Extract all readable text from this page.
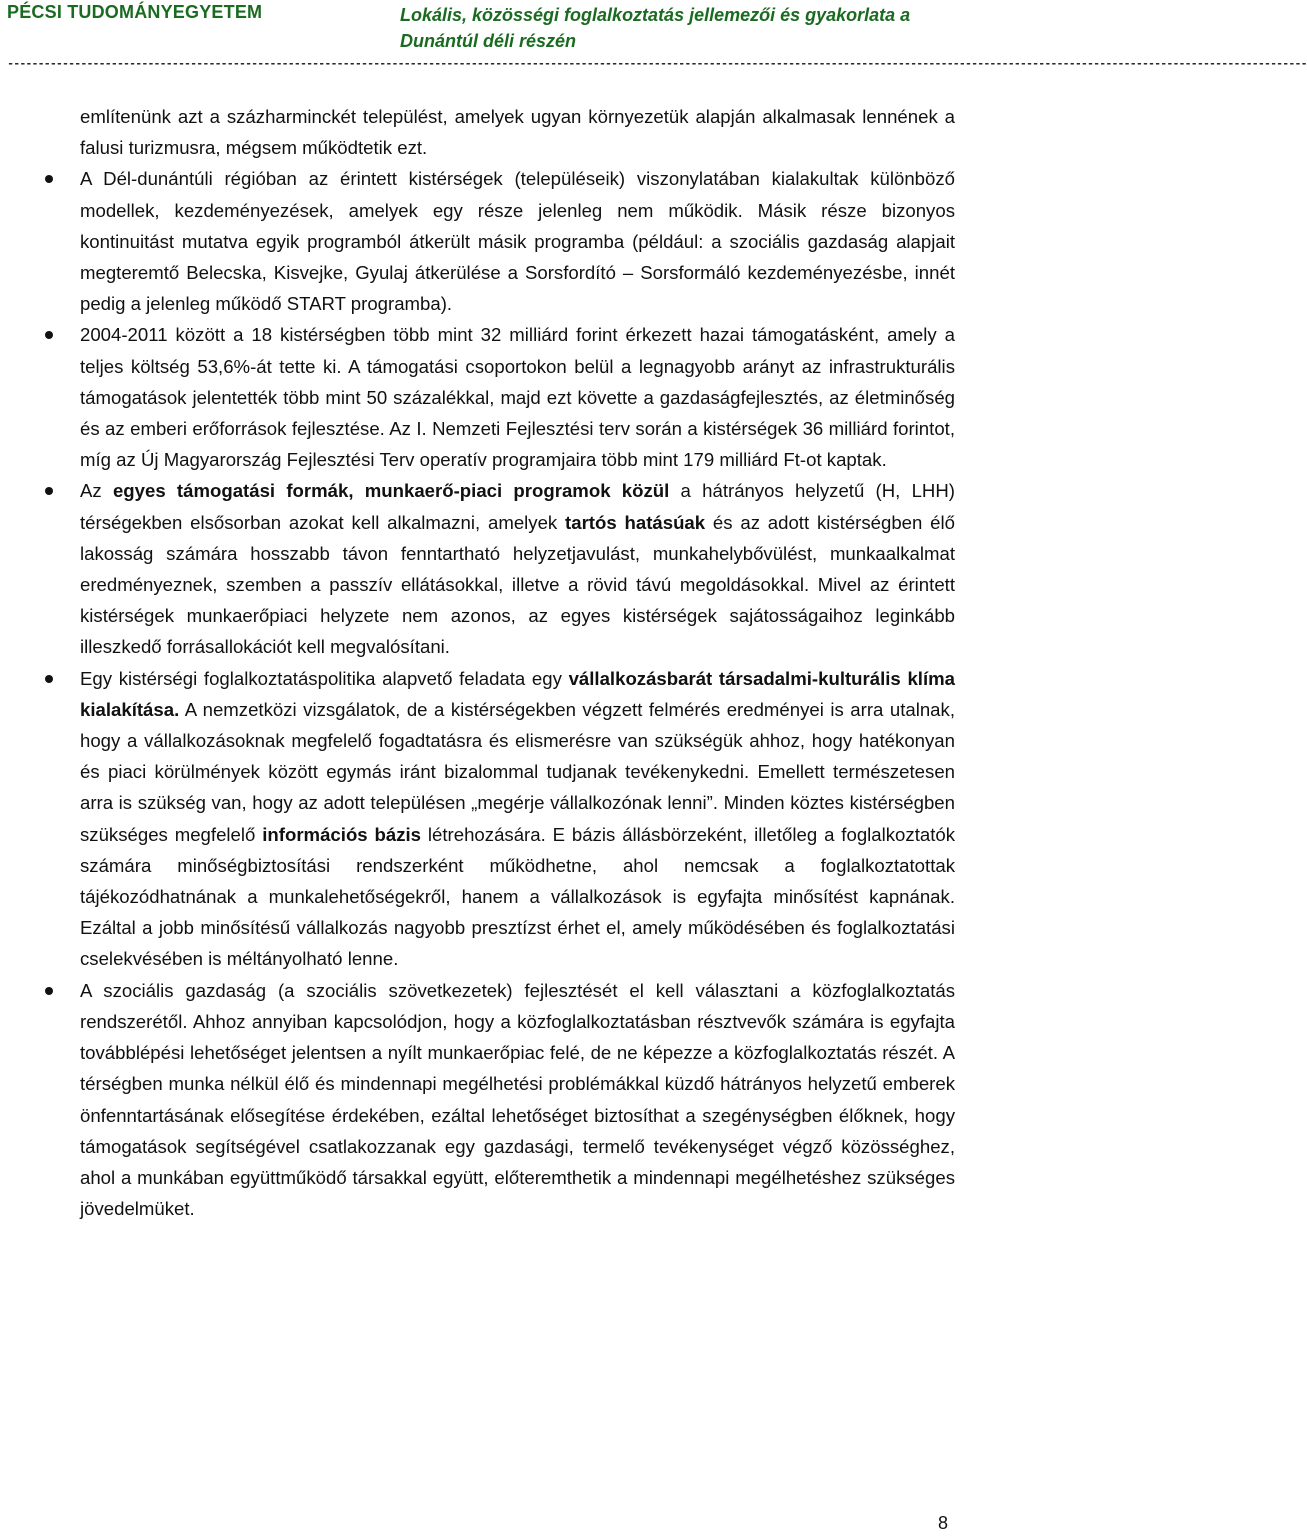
PÉCSI TUDOMÁNYEGYETEM	Lokális, közösségi foglalkoztatás jellemezői és gyakorlata a Dunántúl déli részén
---------------------------------------------------------------------------------------------------------------------------------------------------------------------------------------------------------------------

említenünk azt a százharminckét települést, amelyek ugyan környezetük alapján alkalmasak lennének a falusi turizmusra, mégsem működtetik ezt.

A Dél-dunántúli régióban az érintett kistérségek (településeik) viszonylatában kialakultak különböző modellek, kezdeményezések, amelyek egy része jelenleg nem működik. Másik része bizonyos kontinuitást mutatva egyik programból átkerült másik programba (például: a szociális gazdaság alapjait megteremtő Belecska, Kisvejke, Gyulaj átkerülése a Sorsfordító – Sorsformáló kezdeményezésbe, innét pedig a jelenleg működő START programba).

2004-2011 között a 18 kistérségben több mint 32 milliárd forint érkezett hazai támogatásként, amely a teljes költség 53,6%-át tette ki. A támogatási csoportokon belül a legnagyobb arányt az infrastrukturális támogatások jelentették több mint 50 százalékkal, majd ezt követte a gazdaságfejlesztés, az életminőség és az emberi erőforrások fejlesztése. Az I. Nemzeti Fejlesztési terv során a kistérségek 36 milliárd forintot, míg az Új Magyarország Fejlesztési Terv operatív programjaira több mint 179 milliárd Ft-ot kaptak.

Az egyes támogatási formák, munkaerő-piaci programok közül a hátrányos helyzetű (H, LHH) térségekben elsősorban azokat kell alkalmazni, amelyek tartós hatásúak és az adott kistérségben élő lakosság számára hosszabb távon fenntartható helyzetjavulást, munkahelybővülést, munkaalkalmat eredményeznek, szemben a passzív ellátásokkal, illetve a rövid távú megoldásokkal. Mivel az érintett kistérségek munkaerőpiaci helyzete nem azonos, az egyes kistérségek sajátosságaihoz leginkább illeszkedő forrásallokációt kell megvalósítani.

Egy kistérségi foglalkoztatáspolitika alapvető feladata egy vállalkozásbarát társadalmi-kulturális klíma kialakítása. A nemzetközi vizsgálatok, de a kistérségekben végzett felmérés eredményei is arra utalnak, hogy a vállalkozásoknak megfelelő fogadtatásra és elismerésre van szükségük ahhoz, hogy hatékonyan és piaci körülmények között egymás iránt bizalommal tudjanak tevékenykedni. Emellett természetesen arra is szükség van, hogy az adott településen „megérje vállalkozónak lenni”. Minden köztes kistérségben szükséges megfelelő információs bázis létrehozására. E bázis állásbörzeként, illetőleg a foglalkoztatók számára minőségbiztosítási rendszerként működhetne, ahol nemcsak a foglalkoztatottak tájékozódhatnának a munkalehetőségekről, hanem a vállalkozások is egyfajta minősítést kapnának. Ezáltal a jobb minősítésű vállalkozás nagyobb presztízst érhet el, amely működésében és foglalkoztatási cselekvésében is méltányolható lenne.

A szociális gazdaság (a szociális szövetkezetek) fejlesztését el kell választani a közfoglalkoztatás rendszerétől. Ahhoz annyiban kapcsolódjon, hogy a közfoglalkoztatásban résztvevők számára is egyfajta továbblépési lehetőséget jelentsen a nyílt munkaerőpiac felé, de ne képezze a közfoglalkoztatás részét. A térségben munka nélkül élő és mindennapi megélhetési problémákkal küzdő hátrányos helyzetű emberek önfenntartásának elősegítése érdekében, ezáltal lehetőséget biztosíthat a szegénységben élőknek, hogy támogatások segítségével csatlakozzanak egy gazdasági, termelő tevékenységet végző közösséghez, ahol a munkában együttműködő társakkal együtt, előteremthetik a mindennapi megélhetéshez szükséges jövedelmüket.

8
